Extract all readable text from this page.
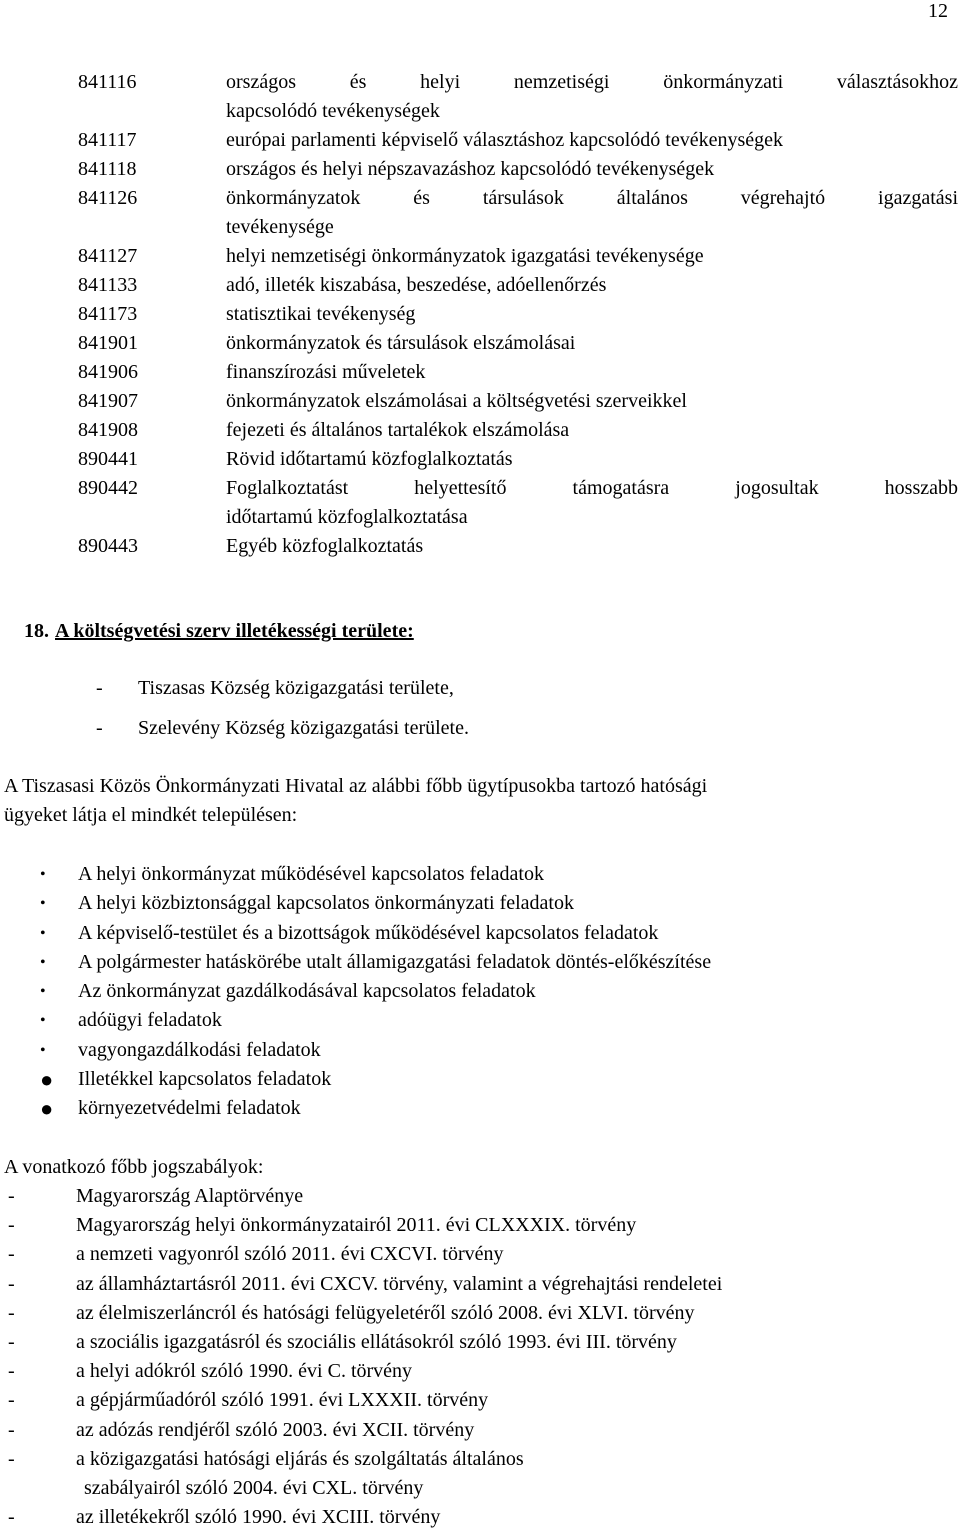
12
841116	országos és helyi nemzetiségi önkormányzati választásokhoz
kapcsolódó tevékenységek
841117	európai parlamenti képviselő választáshoz kapcsolódó tevékenységek
841118	országos és helyi népszavazáshoz kapcsolódó tevékenységek
841126	önkormányzatok és társulások általános végrehajtó igazgatási
tevékenysége
841127	helyi nemzetiségi önkormányzatok igazgatási tevékenysége
841133	adó, illeték kiszabása, beszedése, adóellenőrzés
841173	statisztikai tevékenység
841901	önkormányzatok és társulások elszámolásai
841906	finanszírozási műveletek
841907	önkormányzatok elszámolásai a költségvetési szerveikkel
841908	fejezeti és általános tartalékok elszámolása
890441	Rövid időtartamú közfoglalkoztatás
890442	Foglalkoztatást helyettesítő támogatásra jogosultak hosszabb
időtartamú közfoglalkoztatása
890443	Egyéb közfoglalkoztatás
18. A költségvetési szerv illetékességi területe:
-	Tiszasas Község közigazgatási területe,
-	Szelevény Község közigazgatási területe.
A Tiszasasi Közös Önkormányzati Hivatal az alábbi főbb ügytípusokba tartozó hatósági
ügyeket látja el mindkét településen:
•	A helyi önkormányzat működésével kapcsolatos feladatok
•	A helyi közbiztonsággal kapcsolatos önkormányzati feladatok
•	A képviselő-testület és a bizottságok működésével kapcsolatos feladatok
•	A polgármester hatáskörébe utalt államigazgatási feladatok döntés-előkészítése
•	Az önkormányzat gazdálkodásával kapcsolatos feladatok
•	adóügyi feladatok
•	vagyongazdálkodási feladatok
●	Illetékkel kapcsolatos feladatok
●	környezetvédelmi feladatok
A vonatkozó főbb jogszabályok:
-	Magyarország Alaptörvénye
-	Magyarország helyi önkormányzatairól 2011. évi CLXXXIX. törvény
-	a nemzeti vagyonról szóló 2011. évi CXCVI. törvény
-	az államháztartásról 2011. évi CXCV. törvény, valamint a végrehajtási rendeletei
-	az élelmiszerláncról és hatósági felügyeletéről szóló 2008. évi XLVI. törvény
-	a szociális igazgatásról és szociális ellátásokról szóló 1993. évi III. törvény
-	a helyi adókról szóló 1990. évi C. törvény
-	a gépjárműadóról szóló 1991. évi LXXXII. törvény
-	az adózás rendjéről szóló 2003. évi XCII. törvény
-	a közigazgatási hatósági eljárás és szolgáltatás általános
szabályairól szóló 2004. évi CXL. törvény
-	az illetékekről szóló 1990. évi XCIII. törvény
